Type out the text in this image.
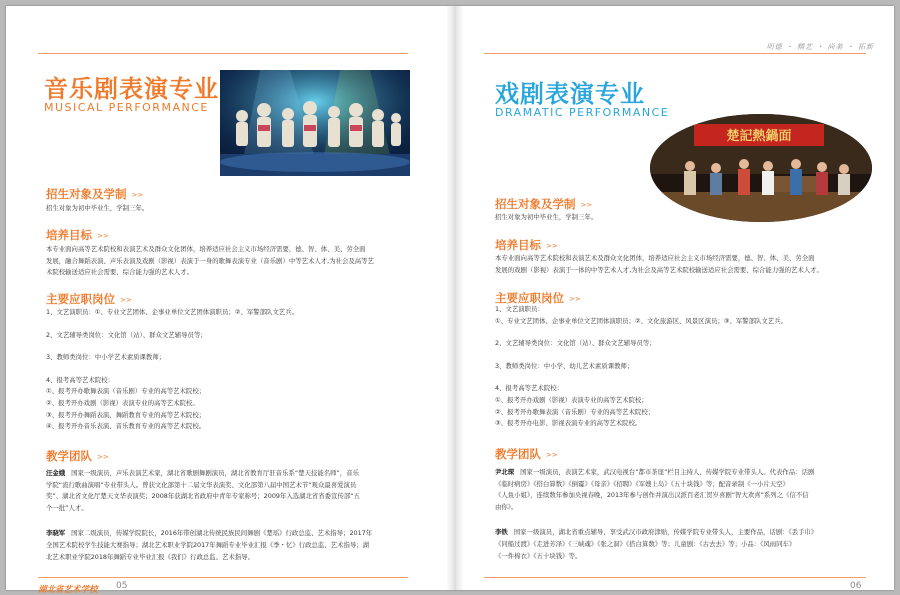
音乐剧表演专业
MUSICAL PERFORMANCE
招生对象及学制 >>

招生对象为初中毕业生，学制三年。

培养目标 >>

本专业面向高等艺术院校和表演艺术及群众文化团体，培养适应社会主义市场经济需要，德、智、体、美、劳全面

发展，融合舞蹈表演、声乐表演及戏剧（影视）表演于一身的歌舞表演专业（音乐剧）中等艺术人才,为社会及高等艺

术院校输送适应社会需要、综合能力强的艺术人才。

主要应职岗位 >>

1、文艺演职员：①、专业文艺团体、企事业单位文艺团体演职员；②、军警部队文艺兵。

2、文艺辅导类岗位：文化馆（站）、群众文艺辅导员等；

3、教师类岗位：中小学艺术素质课教师；

4、报考高等艺术院校：

①、报考开办歌舞表演（音乐剧）专业的高等艺术院校；

②、报考开办戏剧（影视）表演专业的高等艺术院校。

③、报考开办舞蹈表演、舞蹈教育专业的高等艺术院校；

④、报考开办音乐表演、音乐教育专业的高等艺术院校。

教学团队 >>

汪金娥 国家一级演员，声乐表演艺术家，湖北省歌剧舞剧演员，湖北省教育厅驻音乐系“楚天技能名师”，音乐

学院“流行歌曲演唱”专业带头人。曾获文化部第十二届文华表演奖、文化部第八届中国艺术节“观众最喜爱演员

奖”、湖北省文化厅楚天文华表演奖；2008年获湖北省政府中青年专家称号；2009年入选湖北省省委宣传部“五

个一批”人才。

李晓军 国家二级演员，传媒学院院长，2016年带创湖北传统民族民间舞剧《楚瑶》行政总监、艺术指导；2017年

全国艺术院校学生技能大赛指导；湖北艺术职业学院2017年舞蹈专业毕业汇报《季・忆》行政总监、艺术指导；湖

北艺术职业学院2018年舞蹈专业毕业汇报《我们》行政总监、艺术指导。

湖北省艺术学校 05
明德 ・ 精艺 ・ 尚美 ・ 拓新
戏剧表演专业
DRAMATIC PERFORMANCE
楚記熱鍋面
招生对象及学制 >>

招生对象为初中毕业生，学制三年。

培养目标 >>

本专业面向高等艺术院校和表演艺术及群众文化团体，培养适应社会主义市场经济需要，德、智、体、美、劳全面

发展的戏剧（影视）表演于一体的中等艺术人才,为社会及高等艺术院校输送适应社会需要、综合能力强的艺术人才。

主要应职岗位 >>

1、文艺演职员：

①、专业文艺团体、企事业单位文艺团体演职员；②、文化旅游区、风景区演员；③、军警部队文艺兵。

2、文艺辅导类岗位：文化馆（站）、群众文艺辅导员等；

3、教师类岗位：中小学、幼儿艺术素质课教师；

4、报考高等艺术院校：

①、报考开办戏剧（影视）表演专业的高等艺术院校；

②、报考开办歌舞表演（音乐剧）专业的高等艺术院校；

③、报考开办电影、影视表演专业的高等艺术院校。

教学团队 >>

尹北琛 国家一级演员，表演艺术家，武汉电视台“都市茶座”栏目主持人，传媒学院专业带头人。代表作品：话剧

《临时病房》《搭白算数》《倒霉》《母亲》《招聘》《军嫂上岛》《五十块钱》等；配音录制《一小片天空》

《人鱼小姐》，连续数年参加央视春晚，2013年参与创作并演出汉派百老汇贺岁喜剧“智大欢喜”系列之《信不信

由你》。

李铁 国家一级演员，湖北省重点辅导，享受武汉市政府津贴，传媒学院专业带头人，主要作品，话剧：《丢手巾》

《同船过渡》《走进芳泽》《三峡魂》《张之洞》《搭白算数》等；儿童剧：《古去去》等；小品：《风雨同车》

《一件棉衣》《五十块钱》等。

06
